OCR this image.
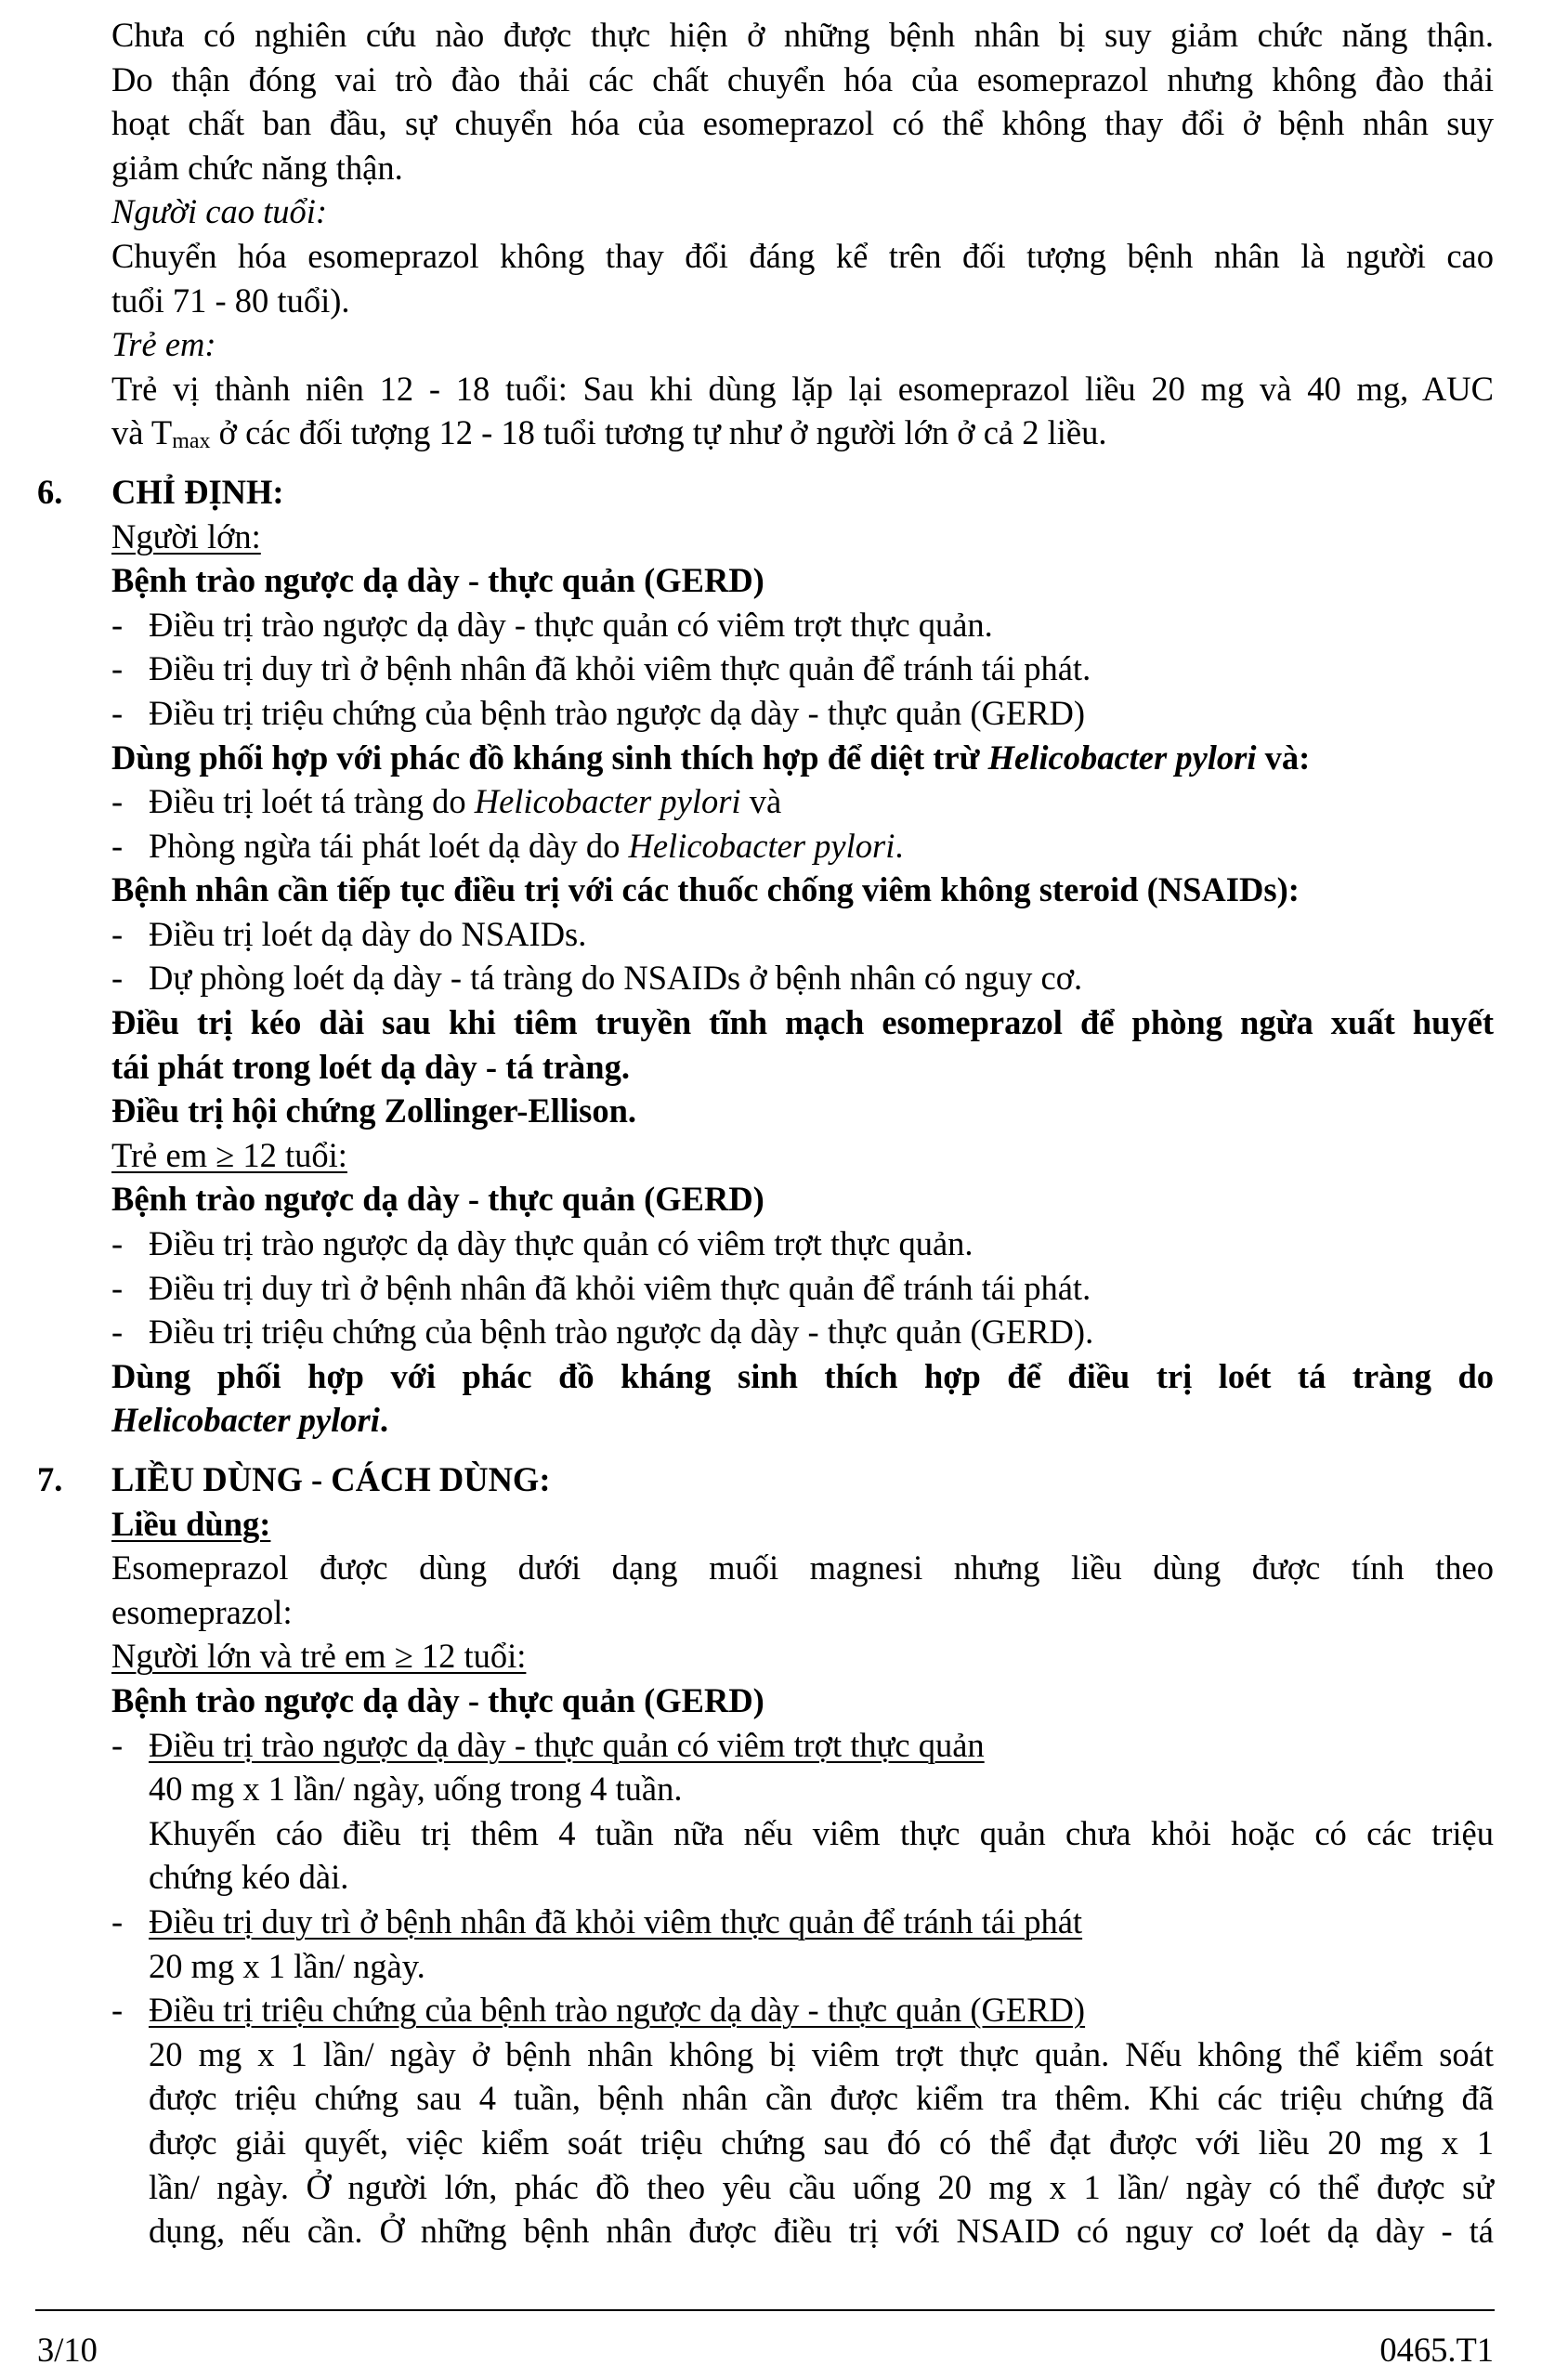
Chưa có nghiên cứu nào được thực hiện ở những bệnh nhân bị suy giảm chức năng thận.
Do thận đóng vai trò đào thải các chất chuyển hóa của esomeprazol nhưng không đào thải
hoạt chất ban đầu, sự chuyển hóa của esomeprazol có thể không thay đổi ở bệnh nhân suy
giảm chức năng thận.
Người cao tuổi:
Chuyển hóa esomeprazol không thay đổi đáng kể trên đối tượng bệnh nhân là người cao
tuổi 71 - 80 tuổi).
Trẻ em:
Trẻ vị thành niên 12 - 18 tuổi: Sau khi dùng lặp lại esomeprazol liều 20 mg và 40 mg, AUC
và $T_{max}$ ở các đối tượng 12 - 18 tuổi tương tự như ở người lớn ở cả 2 liều.
6. CHỈ ĐỊNH:
Người lớn:
Bệnh trào ngược dạ dày - thực quản (GERD)
- Điều trị trào ngược dạ dày - thực quản có viêm trợt thực quản.
- Điều trị duy trì ở bệnh nhân đã khỏi viêm thực quản để tránh tái phát.
- Điều trị triệu chứng của bệnh trào ngược dạ dày - thực quản (GERD)
Dùng phối hợp với phác đồ kháng sinh thích hợp để diệt trừ Helicobacter pylori và:
- Điều trị loét tá tràng do Helicobacter pylori và
- Phòng ngừa tái phát loét dạ dày do Helicobacter pylori.
Bệnh nhân cần tiếp tục điều trị với các thuốc chống viêm không steroid (NSAIDs):
- Điều trị loét dạ dày do NSAIDs.
- Dự phòng loét dạ dày - tá tràng do NSAIDs ở bệnh nhân có nguy cơ.
Điều trị kéo dài sau khi tiêm truyền tĩnh mạch esomeprazol để phòng ngừa xuất huyết
tái phát trong loét dạ dày - tá tràng.
Điều trị hội chứng Zollinger-Ellison.
Trẻ em ≥ 12 tuổi:
Bệnh trào ngược dạ dày - thực quản (GERD)
- Điều trị trào ngược dạ dày thực quản có viêm trợt thực quản.
- Điều trị duy trì ở bệnh nhân đã khỏi viêm thực quản để tránh tái phát.
- Điều trị triệu chứng của bệnh trào ngược dạ dày - thực quản (GERD).
Dùng phối hợp với phác đồ kháng sinh thích hợp để điều trị loét tá tràng do
Helicobacter pylori.
7. LIỀU DÙNG - CÁCH DÙNG:
Liều dùng:
Esomeprazol được dùng dưới dạng muối magnesi nhưng liều dùng được tính theo
esomeprazol:
Người lớn và trẻ em ≥ 12 tuổi:
Bệnh trào ngược dạ dày - thực quản (GERD)
- Điều trị trào ngược dạ dày - thực quản có viêm trợt thực quản
40 mg x 1 lần/ ngày, uống trong 4 tuần.
Khuyến cáo điều trị thêm 4 tuần nữa nếu viêm thực quản chưa khỏi hoặc có các triệu
chứng kéo dài.
- Điều trị duy trì ở bệnh nhân đã khỏi viêm thực quản để tránh tái phát
20 mg x 1 lần/ ngày.
- Điều trị triệu chứng của bệnh trào ngược dạ dày - thực quản (GERD)
20 mg x 1 lần/ ngày ở bệnh nhân không bị viêm trợt thực quản. Nếu không thể kiểm soát
được triệu chứng sau 4 tuần, bệnh nhân cần được kiểm tra thêm. Khi các triệu chứng đã
được giải quyết, việc kiểm soát triệu chứng sau đó có thể đạt được với liều 20 mg x 1
lần/ ngày. Ở người lớn, phác đồ theo yêu cầu uống 20 mg x 1 lần/ ngày có thể được sử
dụng, nếu cần. Ở những bệnh nhân được điều trị với NSAID có nguy cơ loét dạ dày - tá
3/10	0465.T1
